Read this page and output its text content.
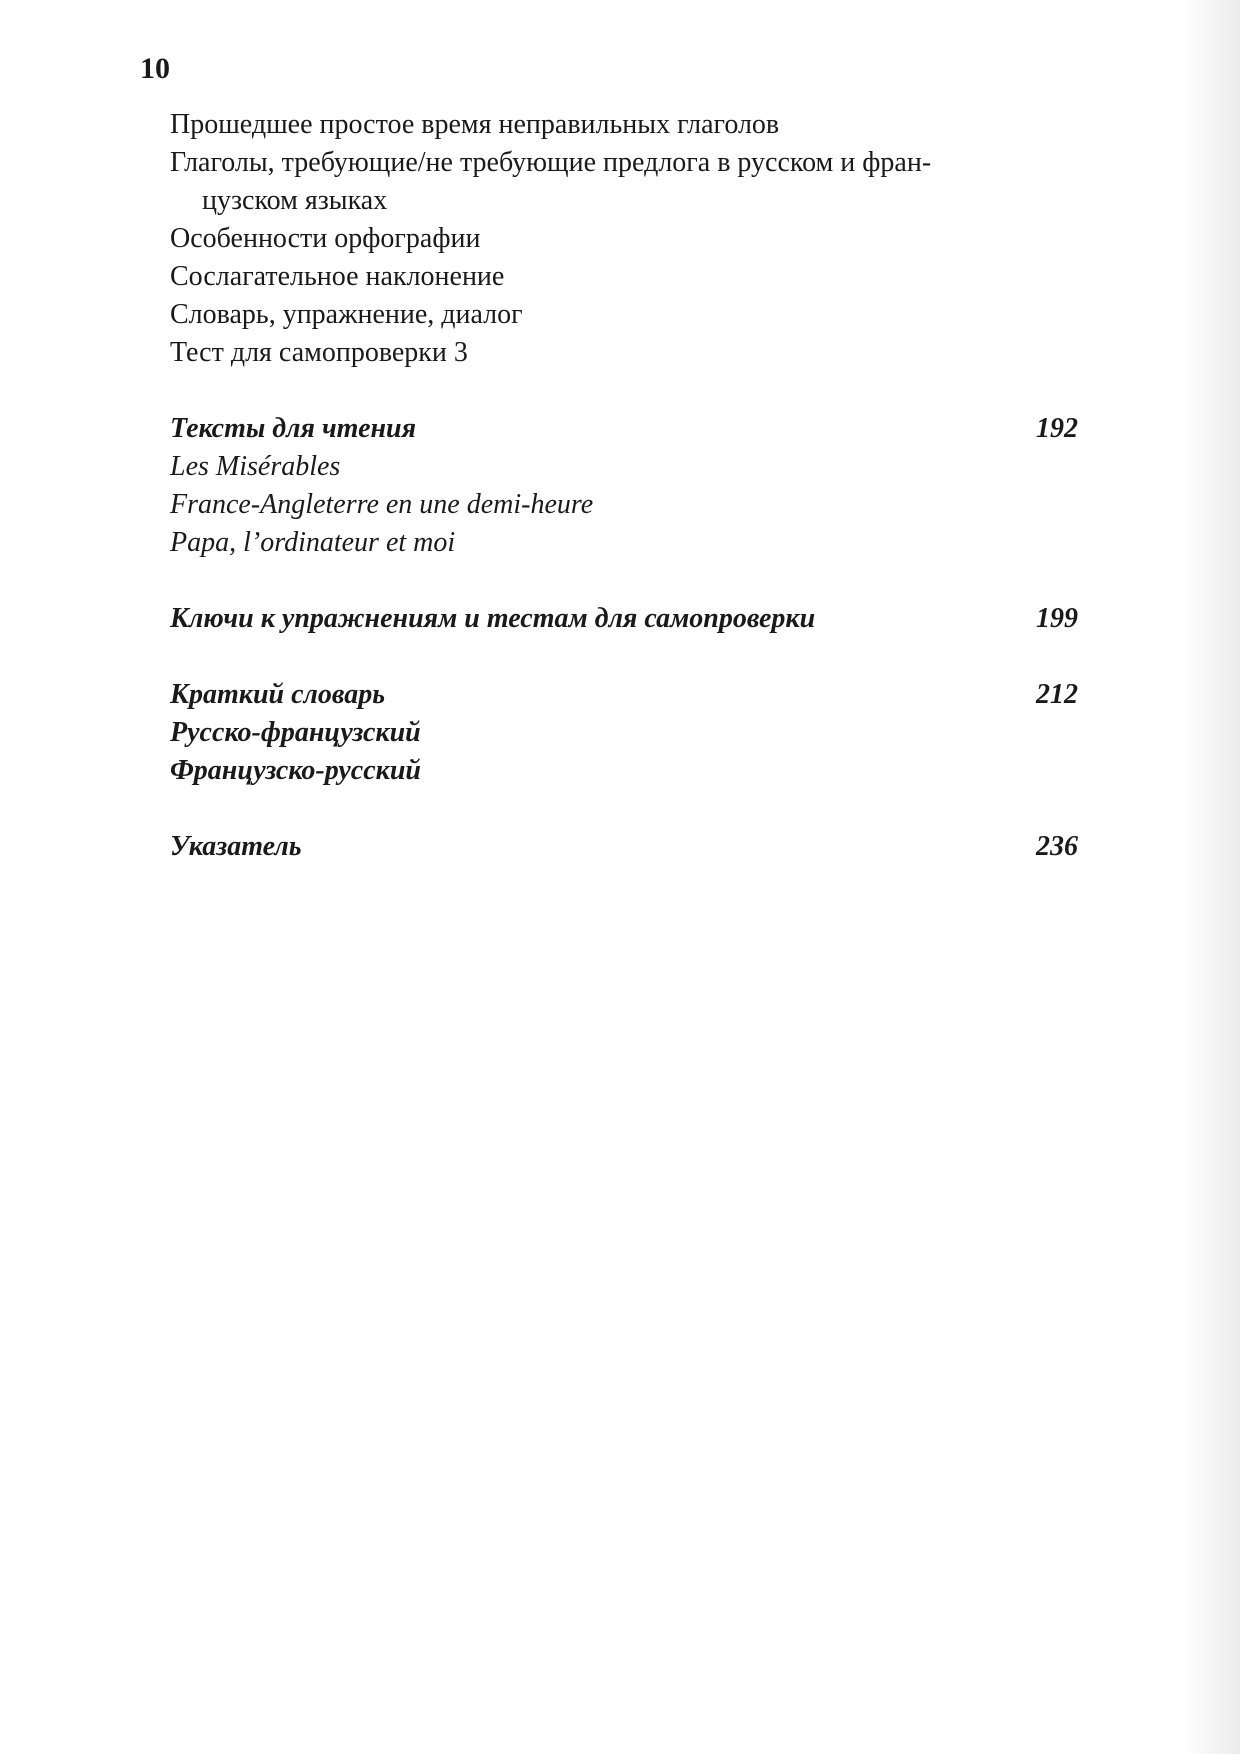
10
Прошедшее простое время неправильных глаголов
Глаголы, требующие/не требующие предлога в русском и фран-
цузском языках
Особенности орфографии
Сослагательное наклонение
Словарь, упражнение, диалог
Тест для самопроверки 3
Тексты для чтения	192
Les Misérables
France-Angleterre en une demi-heure
Papa, l’ordinateur et moi
Ключи к упражнениям и тестам для самопроверки	199
Краткий словарь	212
Русско-французский
Французско-русский
Указатель	236
